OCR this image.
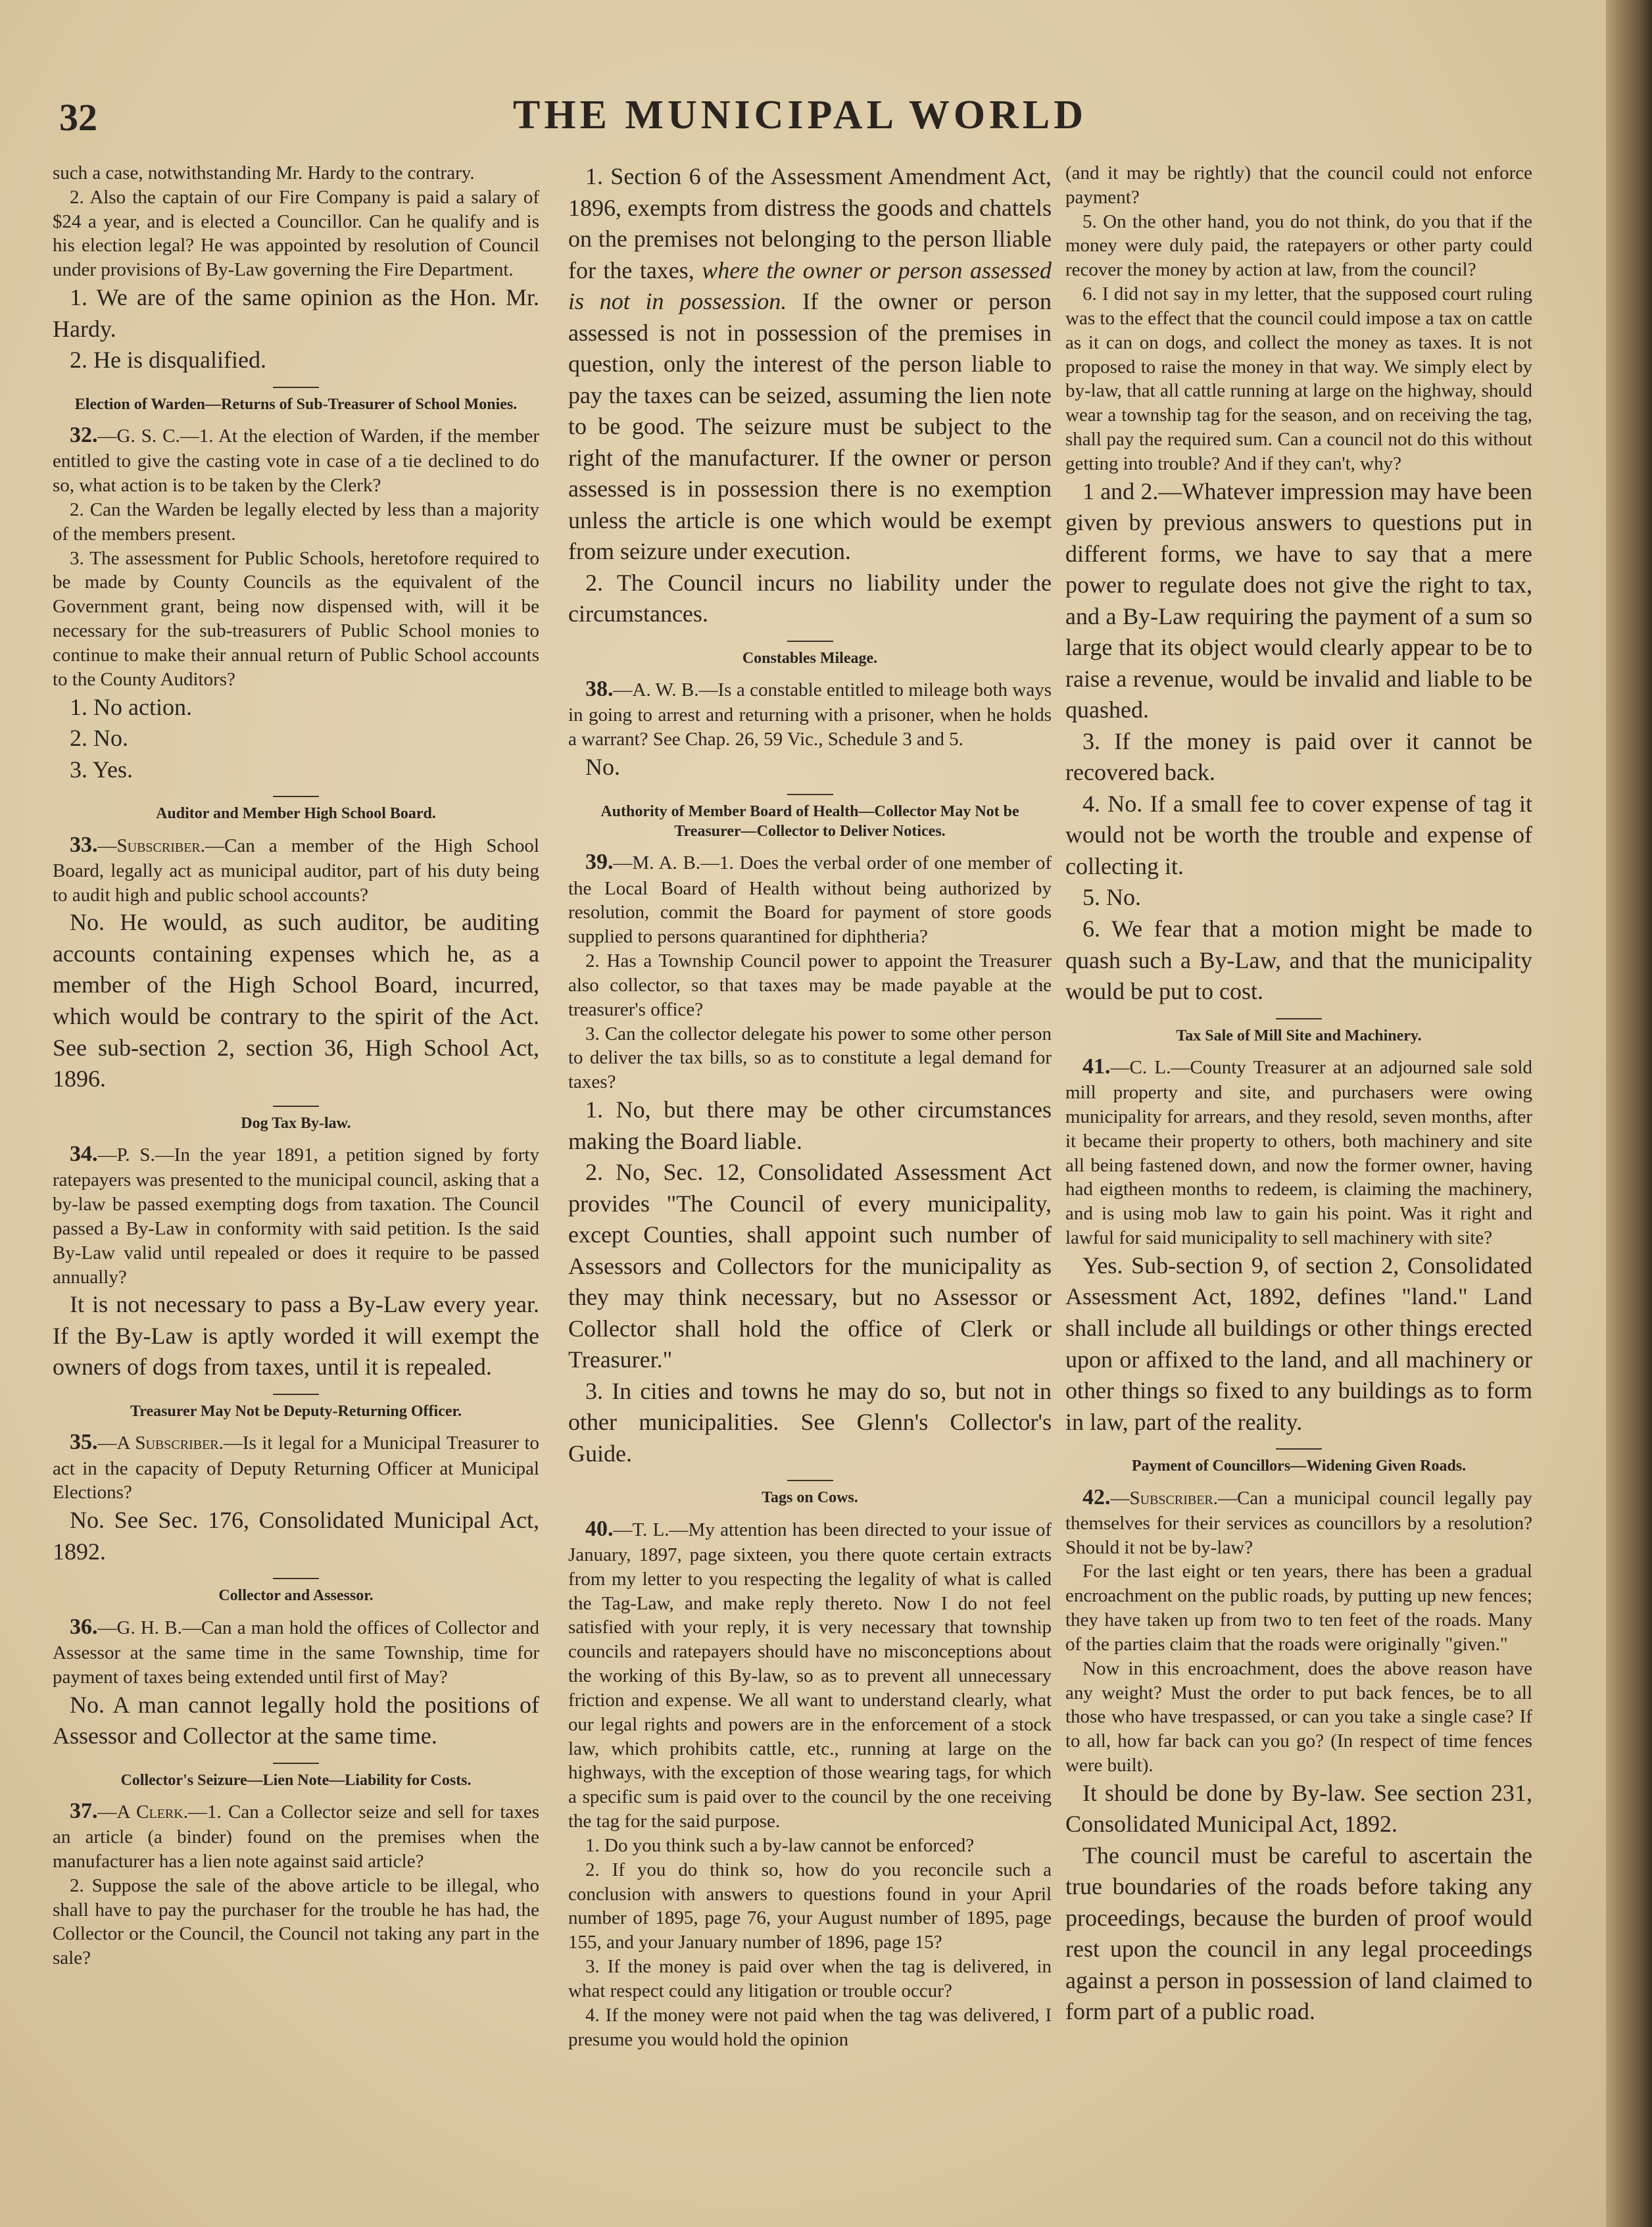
32	THE MUNICIPAL WORLD

such a case, notwithstanding Mr. Hardy to the contrary.

2. Also the captain of our Fire Company is paid a salary of $24 a year, and is elected a Councillor. Can he qualify and is his election legal? He was appointed by resolution of Council under provisions of By-Law governing the Fire Department.

1. We are of the same opinion as the Hon. Mr. Hardy.

2. He is disqualified.

Election of Warden—Returns of Sub-Treasurer of School Monies.

32.—G. S. C.—1. At the election of Warden, if the member entitled to give the casting vote in case of a tie declined to do so, what action is to be taken by the Clerk?

2. Can the Warden be legally elected by less than a majority of the members present.

3. The assessment for Public Schools, heretofore required to be made by County Councils as the equivalent of the Government grant, being now dispensed with, will it be necessary for the sub-treasurers of Public School monies to continue to make their annual return of Public School accounts to the County Auditors?

1. No action.

2. No.

3. Yes.

Auditor and Member High School Board.

33.—Subscriber.—Can a member of the High School Board, legally act as municipal auditor, part of his duty being to audit high and public school accounts?

No. He would, as such auditor, be auditing accounts containing expenses which he, as a member of the High School Board, incurred, which would be contrary to the spirit of the Act. See sub-section 2, section 36, High School Act, 1896.

Dog Tax By-law.

34.—P. S.—In the year 1891, a petition signed by forty ratepayers was presented to the municipal council, asking that a by-law be passed exempting dogs from taxation. The Council passed a By-Law in conformity with said petition. Is the said By-Law valid until repealed or does it require to be passed annually?

It is not necessary to pass a By-Law every year. If the By-Law is aptly worded it will exempt the owners of dogs from taxes, until it is repealed.

Treasurer May Not be Deputy-Returning Officer.

35.—A Subscriber.—Is it legal for a Municipal Treasurer to act in the capacity of Deputy Returning Officer at Municipal Elections?

No. See Sec. 176, Consolidated Municipal Act, 1892.

Collector and Assessor.

36.—G. H. B.—Can a man hold the offices of Collector and Assessor at the same time in the same Township, time for payment of taxes being extended until first of May?

No. A man cannot legally hold the positions of Assessor and Collector at the same time.

Collector's Seizure—Lien Note—Liability for Costs.

37.—A Clerk.—1. Can a Collector seize and sell for taxes an article (a binder) found on the premises when the manufacturer has a lien note against said article?

2. Suppose the sale of the above article to be illegal, who shall have to pay the purchaser for the trouble he has had, the Collector or the Council, the Council not taking any part in the sale?

1. Section 6 of the Assessment Amendment Act, 1896, exempts from distress the goods and chattels on the premises not belonging to the person lliable for the taxes, where the owner or person assessed is not in possession. If the owner or person assessed is not in possession of the premises in question, only the interest of the person liable to pay the taxes can be seized, assuming the lien note to be good. The seizure must be subject to the right of the manufacturer. If the owner or person assessed is in possession there is no exemption unless the article is one which would be exempt from seizure under execution.

2. The Council incurs no liability under the circumstances.

Constables Mileage.

38.—A. W. B.—Is a constable entitled to mileage both ways in going to arrest and returning with a prisoner, when he holds a warrant? See Chap. 26, 59 Vic., Schedule 3 and 5.

No.

Authority of Member Board of Health—Collector May Not be Treasurer—Collector to Deliver Notices.

39.—M. A. B.—1. Does the verbal order of one member of the Local Board of Health without being authorized by resolution, commit the Board for payment of store goods supplied to persons quarantined for diphtheria?

2. Has a Township Council power to appoint the Treasurer also collector, so that taxes may be made payable at the treasurer's office?

3. Can the collector delegate his power to some other person to deliver the tax bills, so as to constitute a legal demand for taxes?

1. No, but there may be other circumstances making the Board liable.

2. No, Sec. 12, Consolidated Assessment Act provides "The Council of every municipality, except Counties, shall appoint such number of Assessors and Collectors for the municipality as they may think necessary, but no Assessor or Collector shall hold the office of Clerk or Treasurer."

3. In cities and towns he may do so, but not in other municipalities. See Glenn's Collector's Guide.

Tags on Cows.

40.—T. L.—My attention has been directed to your issue of January, 1897, page sixteen, you there quote certain extracts from my letter to you respecting the legality of what is called the Tag-Law, and make reply thereto. Now I do not feel satisfied with your reply, it is very necessary that township councils and ratepayers should have no misconceptions about the working of this By-law, so as to prevent all unnecessary friction and expense. We all want to understand clearly, what our legal rights and powers are in the enforcement of a stock law, which prohibits cattle, etc., running at large on the highways, with the exception of those wearing tags, for which a specific sum is paid over to the council by the one receiving the tag for the said purpose.

1. Do you think such a by-law cannot be enforced?

2. If you do think so, how do you reconcile such a conclusion with answers to questions found in your April number of 1895, page 76, your August number of 1895, page 155, and your January number of 1896, page 15?

3. If the money is paid over when the tag is delivered, in what respect could any litigation or trouble occur?

4. If the money were not paid when the tag was delivered, I presume you would hold the opinion

(and it may be rightly) that the council could not enforce payment?

5. On the other hand, you do not think, do you that if the money were duly paid, the ratepayers or other party could recover the money by action at law, from the council?

6. I did not say in my letter, that the supposed court ruling was to the effect that the council could impose a tax on cattle as it can on dogs, and collect the money as taxes. It is not proposed to raise the money in that way. We simply elect by by-law, that all cattle running at large on the highway, should wear a township tag for the season, and on receiving the tag, shall pay the required sum. Can a council not do this without getting into trouble? And if they can't, why?

1 and 2.—Whatever impression may have been given by previous answers to questions put in different forms, we have to say that a mere power to regulate does not give the right to tax, and a By-Law requiring the payment of a sum so large that its object would clearly appear to be to raise a revenue, would be invalid and liable to be quashed.

3. If the money is paid over it cannot be recovered back.

4. No. If a small fee to cover expense of tag it would not be worth the trouble and expense of collecting it.

5. No.

6. We fear that a motion might be made to quash such a By-Law, and that the municipality would be put to cost.

Tax Sale of Mill Site and Machinery.

41.—C. L.—County Treasurer at an adjourned sale sold mill property and site, and purchasers were owing municipality for arrears, and they resold, seven months, after it became their property to others, both machinery and site all being fastened down, and now the former owner, having had eigtheen months to redeem, is claiming the machinery, and is using mob law to gain his point. Was it right and lawful for said municipality to sell machinery with site?

Yes. Sub-section 9, of section 2, Consolidated Assessment Act, 1892, defines "land." Land shall include all buildings or other things erected upon or affixed to the land, and all machinery or other things so fixed to any buildings as to form in law, part of the reality.

Payment of Councillors—Widening Given Roads.

42.—Subscriber.—Can a municipal council legally pay themselves for their services as councillors by a resolution? Should it not be by-law?

For the last eight or ten years, there has been a gradual encroachment on the public roads, by putting up new fences; they have taken up from two to ten feet of the roads. Many of the parties claim that the roads were originally "given."

Now in this encroachment, does the above reason have any weight? Must the order to put back fences, be to all those who have trespassed, or can you take a single case? If to all, how far back can you go? (In respect of time fences were built).

It should be done by By-law. See section 231, Consolidated Municipal Act, 1892.

The council must be careful to ascertain the true boundaries of the roads before taking any proceedings, because the burden of proof would rest upon the council in any legal proceedings against a person in possession of land claimed to form part of a public road.
